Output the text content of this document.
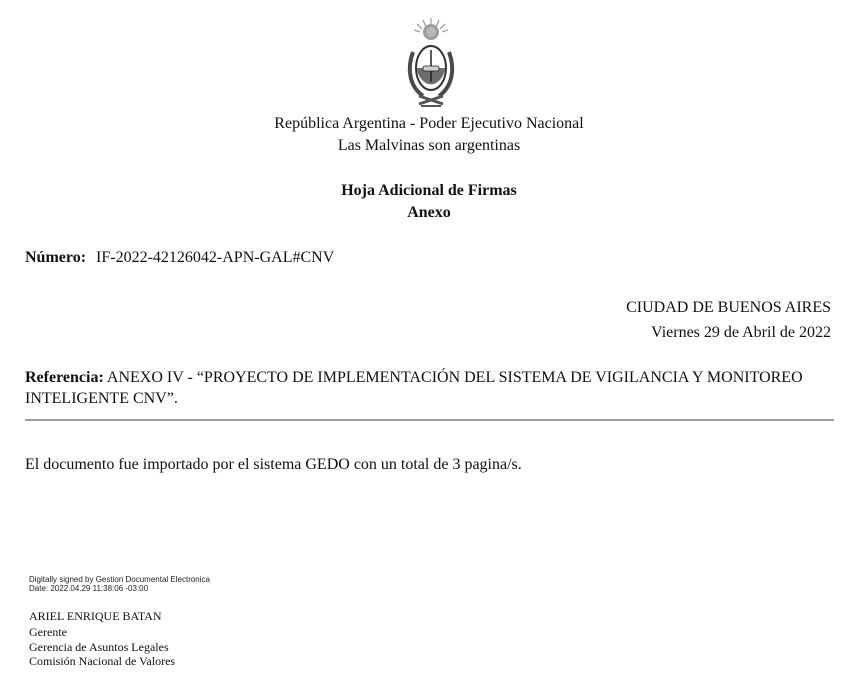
República Argentina - Poder Ejecutivo Nacional
Las Malvinas son argentinas
Hoja Adicional de Firmas
Anexo
Número: IF-2022-42126042-APN-GAL#CNV
CIUDAD DE BUENOS AIRES
Viernes 29 de Abril de 2022
Referencia: ANEXO IV - “PROYECTO DE IMPLEMENTACIÓN DEL SISTEMA DE VIGILANCIA Y MONITOREO INTELIGENTE CNV”.
El documento fue importado por el sistema GEDO con un total de 3 pagina/s.
Digitally signed by Gestion Documental Electronica
Date: 2022.04.29 11:38:06 -03:00
ARIEL ENRIQUE BATAN
Gerente
Gerencia de Asuntos Legales
Comisión Nacional de Valores
